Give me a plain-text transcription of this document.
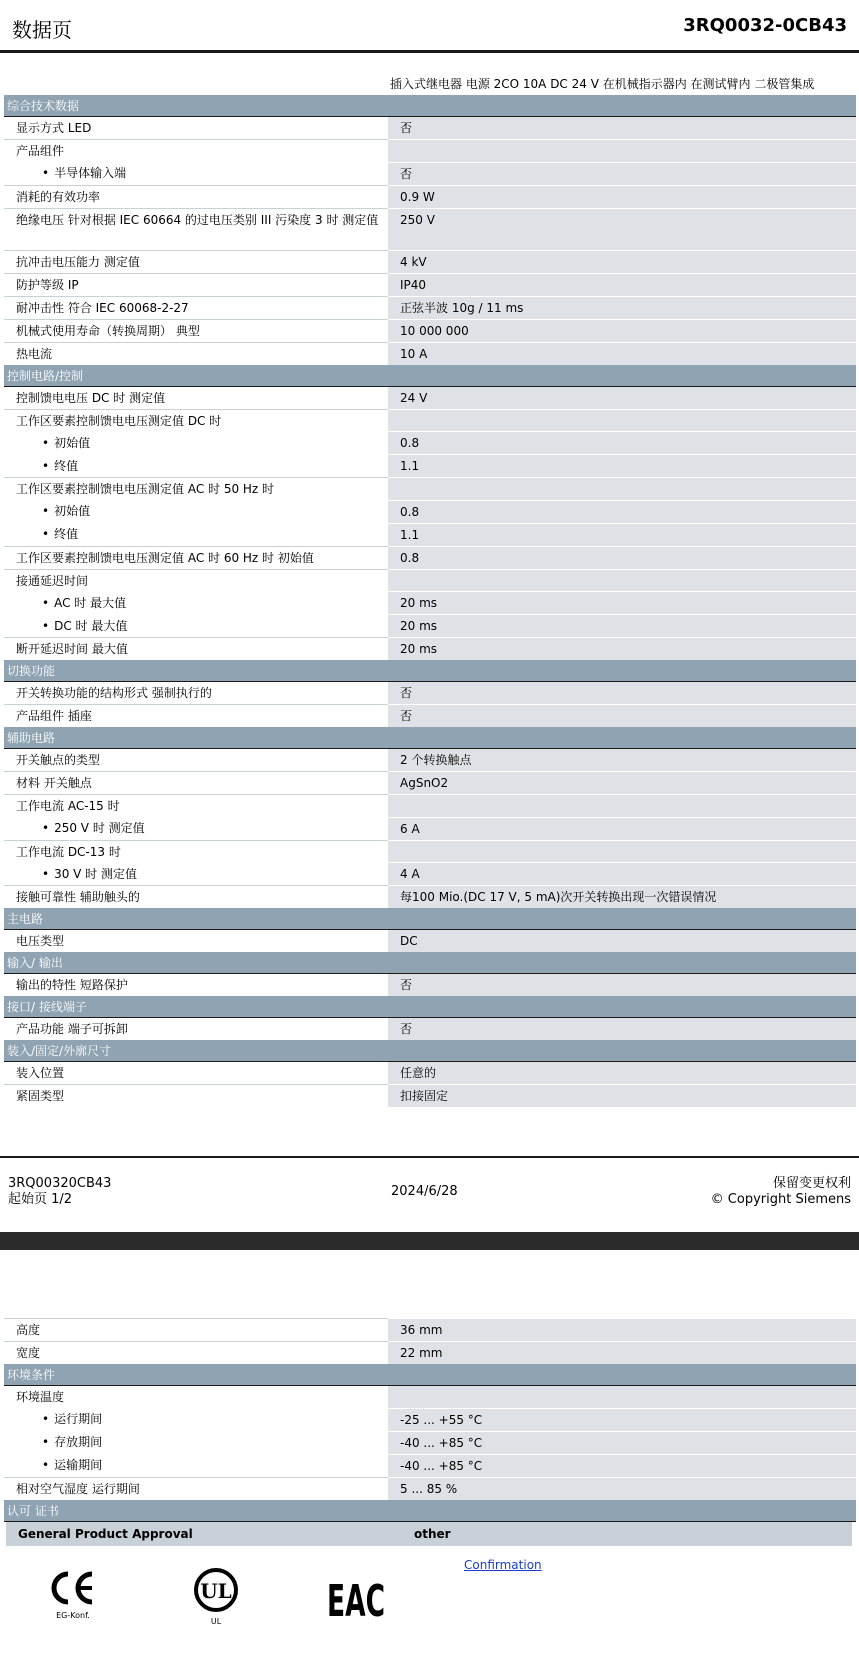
数据页	3RQ0032-0CB43
插入式继电器 电源 2CO 10A DC 24 V 在机械指示器内 在测试臂内 二极管集成
综合技术数据	
显示方式 LED	否
产品组件	
• 半导体输入端	否
消耗的有效功率	0.9 W
绝缘电压 针对根据 IEC 60664 的过电压类别 III 污染度 3 时 测定值	250 V
抗冲击电压能力 测定值	4 kV
防护等级 IP	IP40
耐冲击性 符合 IEC 60068-2-27	正弦半波 10g / 11 ms
机械式使用寿命（转换周期） 典型	10 000 000
热电流	10 A
控制电路/控制	
控制馈电电压 DC 时 测定值	24 V
工作区要素控制馈电电压测定值 DC 时	
• 初始值	0.8
• 终值	1.1
工作区要素控制馈电电压测定值 AC 时 50 Hz 时	
• 初始值	0.8
• 终值	1.1
工作区要素控制馈电电压测定值 AC 时 60 Hz 时 初始值	0.8
接通延迟时间	
• AC 时 最大值	20 ms
• DC 时 最大值	20 ms
断开延迟时间 最大值	20 ms
切换功能	
开关转换功能的结构形式 强制执行的	否
产品组件 插座	否
辅助电路	
开关触点的类型	2 个转换触点
材料 开关触点	AgSnO2
工作电流 AC-15 时	
• 250 V 时 测定值	6 A
工作电流 DC-13 时	
• 30 V 时 测定值	4 A
接触可靠性 辅助触头的	每100 Mio.(DC 17 V, 5 mA)次开关转换出现一次错误情况
主电路	
电压类型	DC
输入/ 输出	
输出的特性 短路保护	否
接口/ 接线端子	
产品功能 端子可拆卸	否
装入/固定/外廓尺寸	
装入位置	任意的
紧固类型	扣接固定
3RQ00320CB43
起始页 1/2
2024/6/28
保留变更权利
© Copyright Siemens
高度	36 mm
宽度	22 mm
环境条件	
环境温度	
• 运行期间	-25 ... +55 °C
• 存放期间	-40 ... +85 °C
• 运输期间	-40 ... +85 °C
相对空气湿度 运行期间	5 ... 85 %
认可 证书	
General Product Approval	other
EG-Konf.
UL
UL EAC
Confirmation
